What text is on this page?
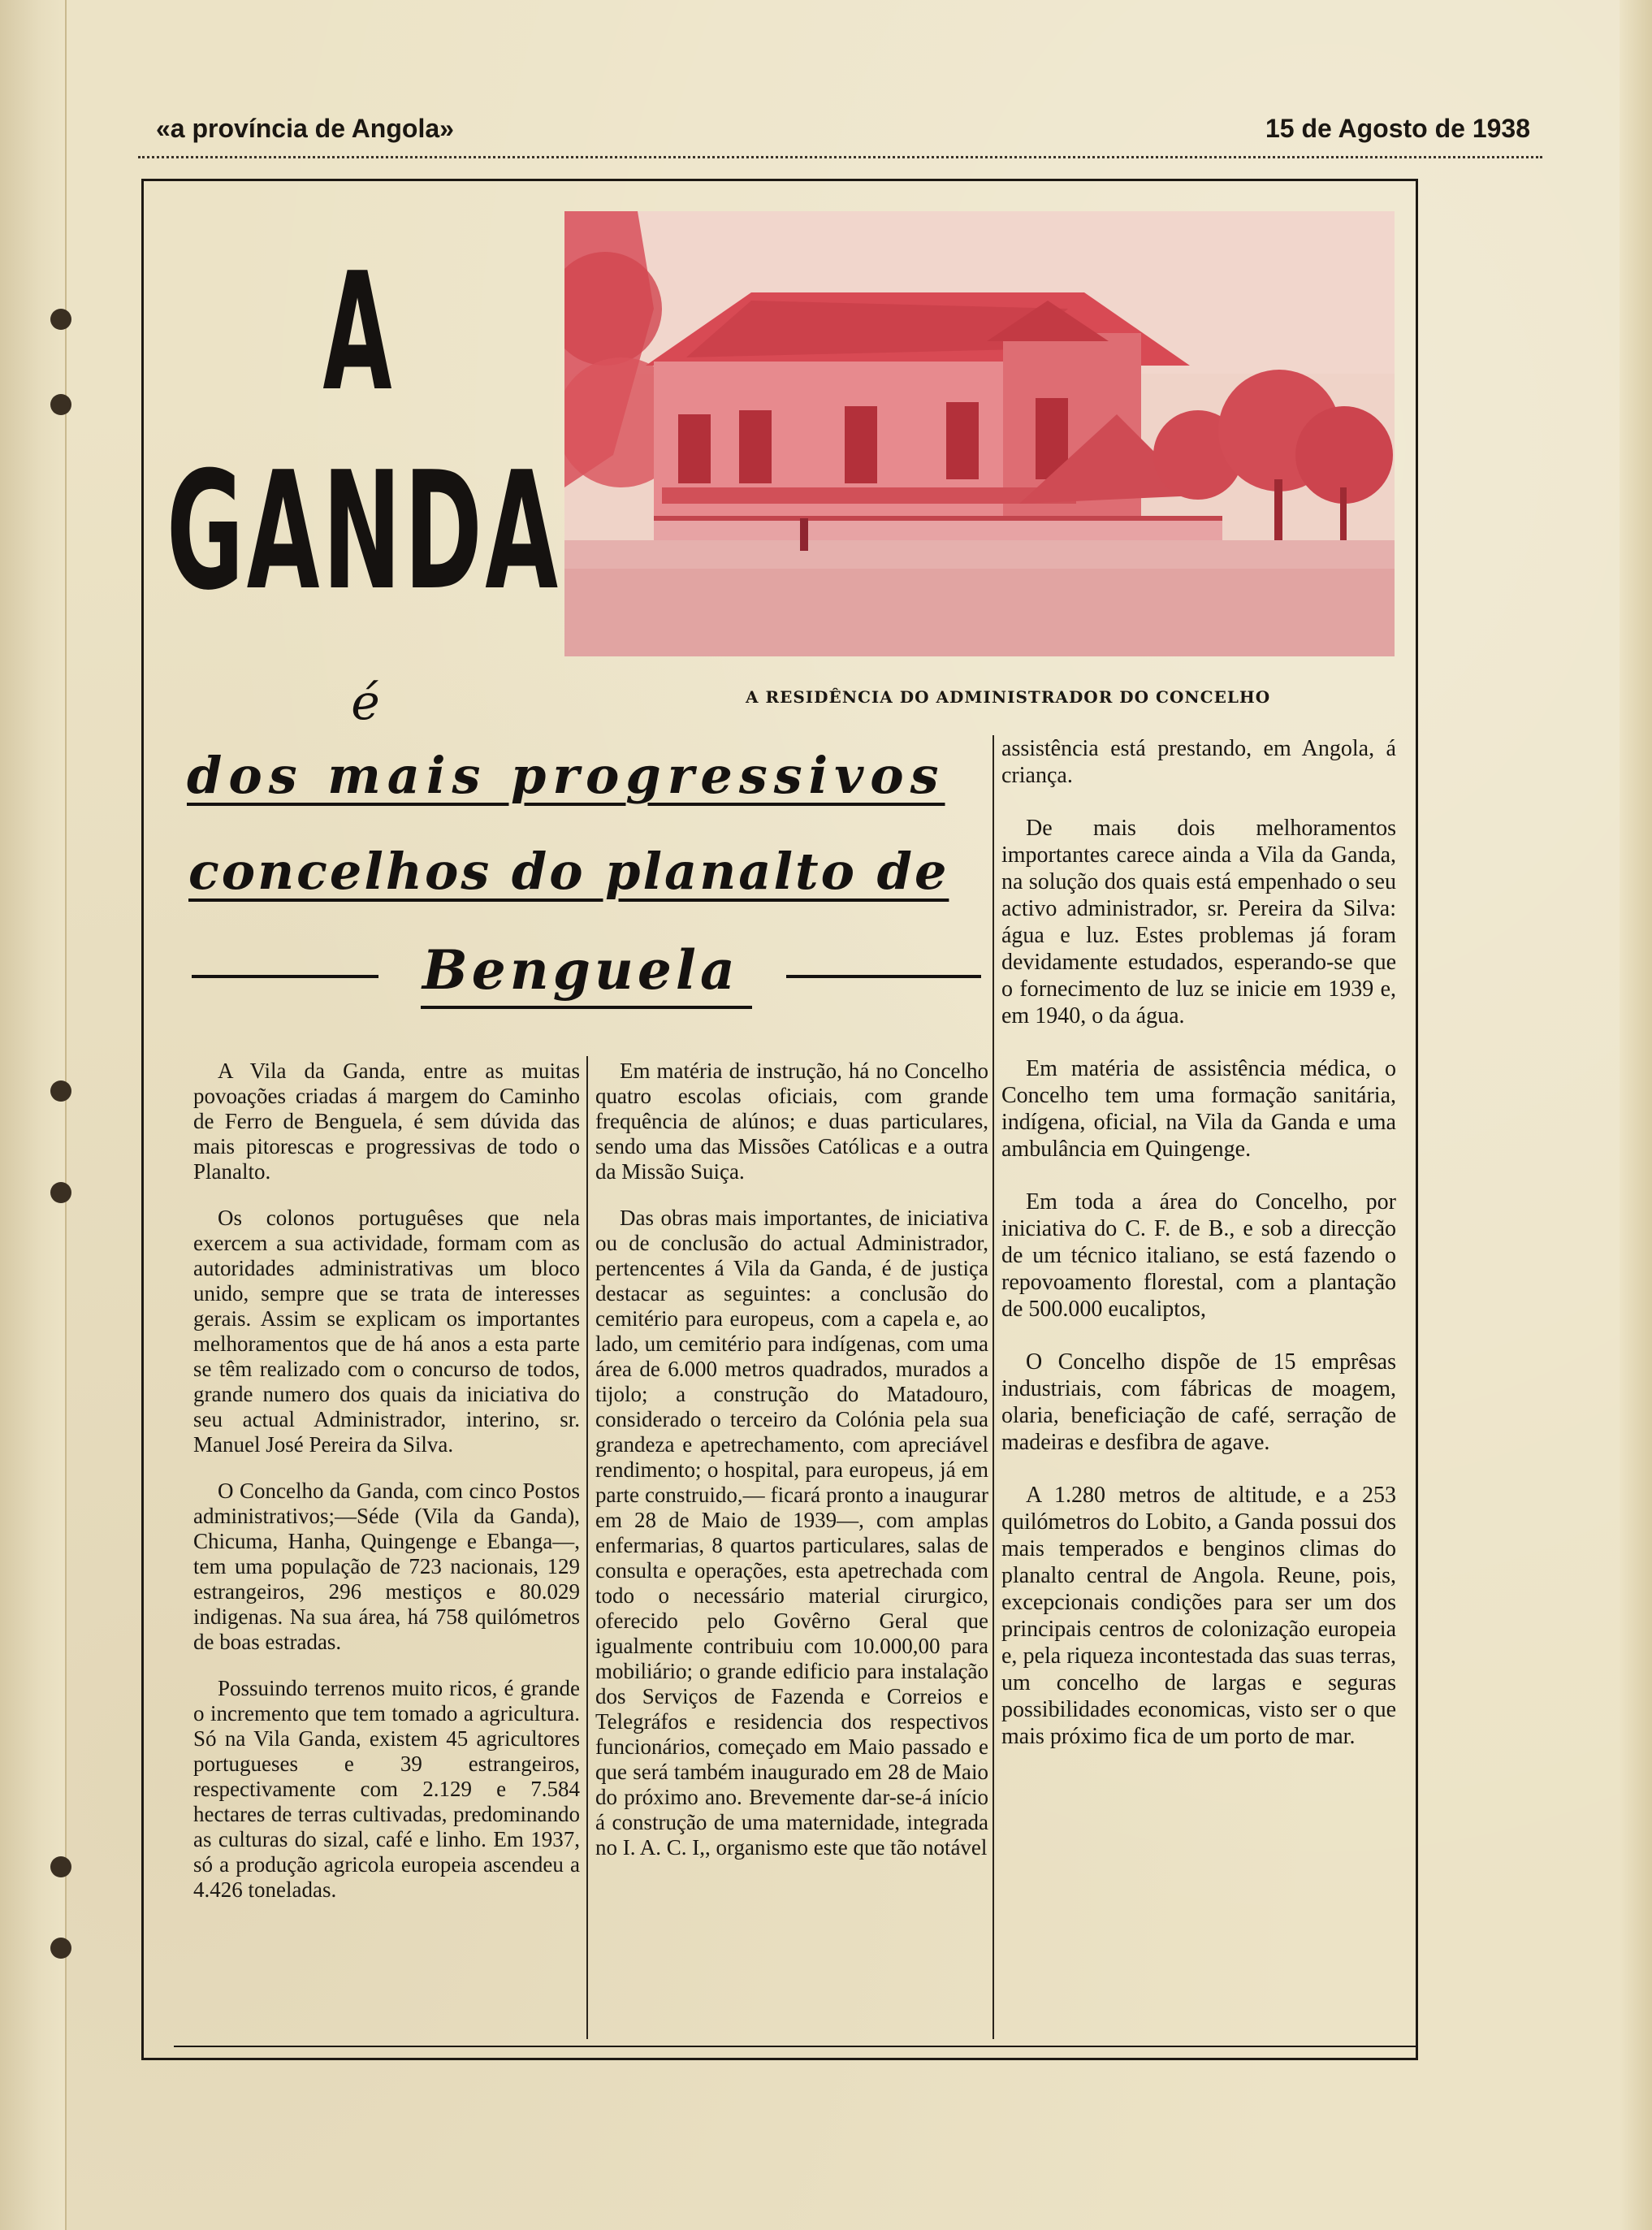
«a província de Angola»	15 de Agosto de 1938
A
GANDA
é	A RESIDÊNCIA DO ADMINISTRADOR DO CONCELHO
dos mais progressivos
concelhos do planalto de
Benguela

A Vila da Ganda, entre as muitas povoações criadas á margem do Caminho de Ferro de Benguela, é sem dúvida das mais pitorescas e progressivas de todo o Planalto.

Os colonos portuguêses que nela exercem a sua actividade, formam com as autoridades administrativas um bloco unido, sempre que se trata de interesses gerais. Assim se explicam os importantes melhoramentos que de há anos a esta parte se têm realizado com o concurso de todos, grande numero dos quais da iniciativa do seu actual Administrador, interino, sr. Manuel José Pereira da Silva.

O Concelho da Ganda, com cinco Postos administrativos;—Séde (Vila da Ganda), Chicuma, Hanha, Quingenge e Ebanga—, tem uma população de 723 nacionais, 129 estrangeiros, 296 mestiços e 80.029 indigenas. Na sua área, há 758 quilómetros de boas estradas.

Possuindo terrenos muito ricos, é grande o incremento que tem tomado a agricultura. Só na Vila Ganda, existem 45 agricultores portugueses e 39 estrangeiros, respectivamente com 2.129 e 7.584 hectares de terras cultivadas, predominando as culturas do sizal, café e linho. Em 1937, só a produção agricola europeia ascendeu a 4.426 toneladas.

Em matéria de instrução, há no Concelho quatro escolas oficiais, com grande frequência de alúnos; e duas particulares, sendo uma das Missões Católicas e a outra da Missão Suiça.

Das obras mais importantes, de iniciativa ou de conclusão do actual Administrador, pertencentes á Vila da Ganda, é de justiça destacar as seguintes: a conclusão do cemitério para europeus, com a capela e, ao lado, um cemitério para indígenas, com uma área de 6.000 metros quadrados, murados a tijolo; a construção do Matadouro, considerado o terceiro da Colónia pela sua grandeza e apetrechamento, com apreciável rendimento; o hospital, para europeus, já em parte construido,— ficará pronto a inaugurar em 28 de Maio de 1939—, com amplas enfermarias, 8 quartos particulares, salas de consulta e operações, esta apetrechada com todo o necessário material cirurgico, oferecido pelo Govêrno Geral que igualmente contribuiu com 10.000,00 para mobiliário; o grande edificio para instalação dos Serviços de Fazenda e Correios e Telegráfos e residencia dos respectivos funcionários, começado em Maio passado e que será também inaugurado em 28 de Maio do próximo ano. Brevemente dar-se-á início á construção de uma maternidade, integrada no I. A. C. I,, organismo este que tão notável

assistência está prestando, em Angola, á criança.

De mais dois melhoramentos importantes carece ainda a Vila da Ganda, na solução dos quais está empenhado o seu activo administrador, sr. Pereira da Silva: água e luz. Estes problemas já foram devidamente estudados, esperando-se que o fornecimento de luz se inicie em 1939 e, em 1940, o da água.

Em matéria de assistência médica, o Concelho tem uma formação sanitária, indígena, oficial, na Vila da Ganda e uma ambulância em Quingenge.

Em toda a área do Concelho, por iniciativa do C. F. de B., e sob a direcção de um técnico italiano, se está fazendo o repovoamento florestal, com a plantação de 500.000 eucaliptos,

O Concelho dispõe de 15 emprêsas industriais, com fábricas de moagem, olaria, beneficiação de café, serração de madeiras e desfibra de agave.

A 1.280 metros de altitude, e a 253 quilómetros do Lobito, a Ganda possui dos mais temperados e benginos climas do planalto central de Angola. Reune, pois, excepcionais condições para ser um dos principais centros de colonização europeia e, pela riqueza incontestada das suas terras, um concelho de largas e seguras possibilidades economicas, visto ser o que mais próximo fica de um porto de mar.
